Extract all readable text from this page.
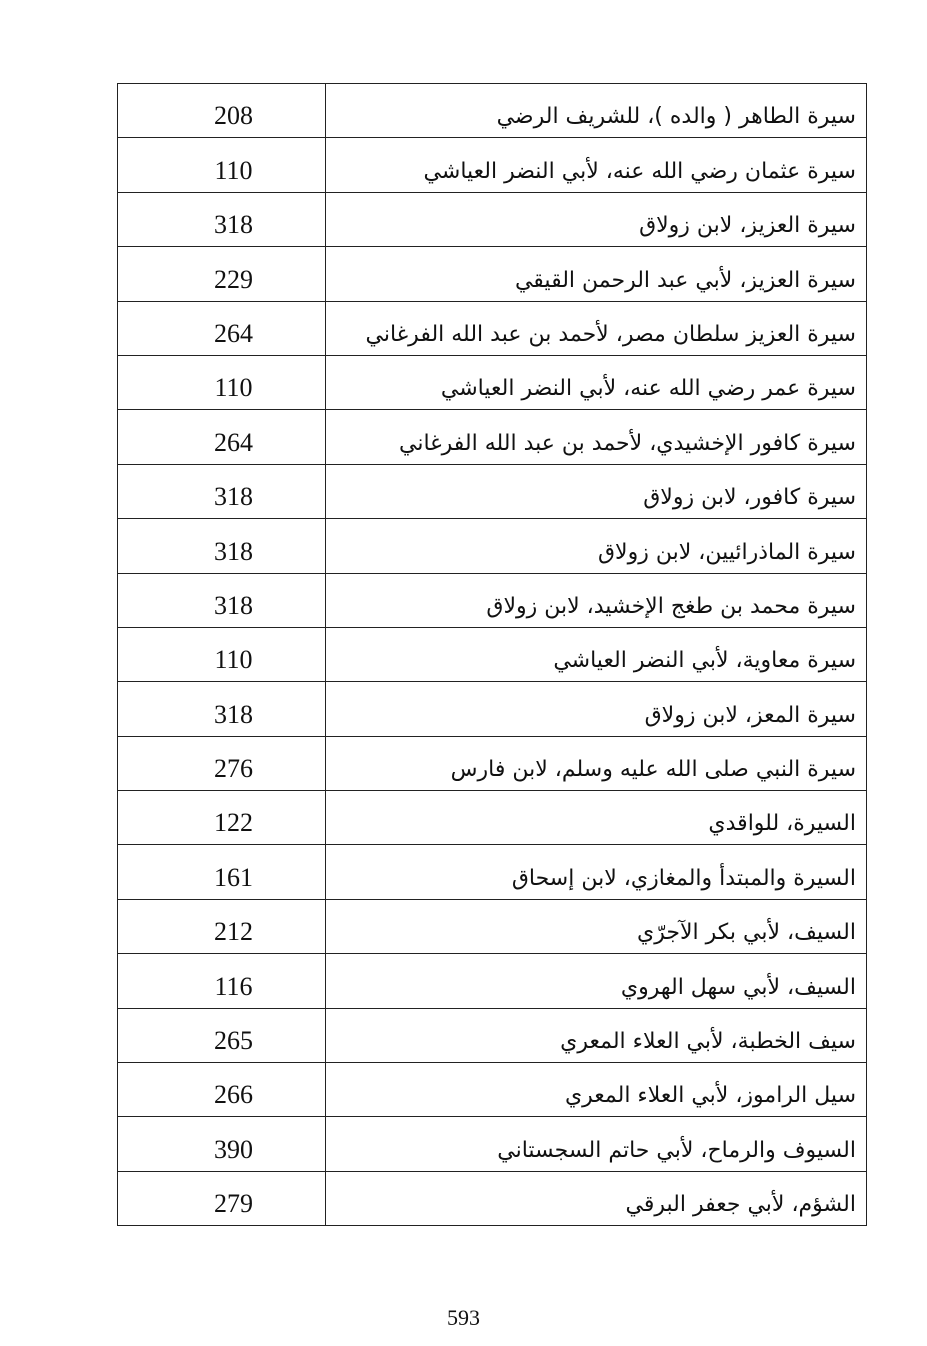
208	سيرة الطاهر ( والده )، للشريف الرضي
110	سيرة عثمان رضي الله عنه، لأبي النضر العياشي
318	سيرة العزيز، لابن زولاق
229	سيرة العزيز، لأبي عبد الرحمن القيقي
264	سيرة العزيز سلطان مصر، لأحمد بن عبد الله الفرغاني
110	سيرة عمر رضي الله عنه، لأبي النضر العياشي
264	سيرة كافور الإخشيدي، لأحمد بن عبد الله الفرغاني
318	سيرة كافور، لابن زولاق
318	سيرة الماذرائيين، لابن زولاق
318	سيرة محمد بن طغج الإخشيد، لابن زولاق
110	سيرة معاوية، لأبي النضر العياشي
318	سيرة المعز، لابن زولاق
276	سيرة النبي صلى الله عليه وسلم، لابن فارس
122	السيرة، للواقدي
161	السيرة والمبتدأ والمغازي، لابن إسحاق
212	السيف، لأبي بكر الآجرّي
116	السيف، لأبي سهل الهروي
265	سيف الخطبة، لأبي العلاء المعري
266	سيل الراموز، لأبي العلاء المعري
390	السيوف والرماح، لأبي حاتم السجستاني
279	الشؤم، لأبي جعفر البرقي
593
